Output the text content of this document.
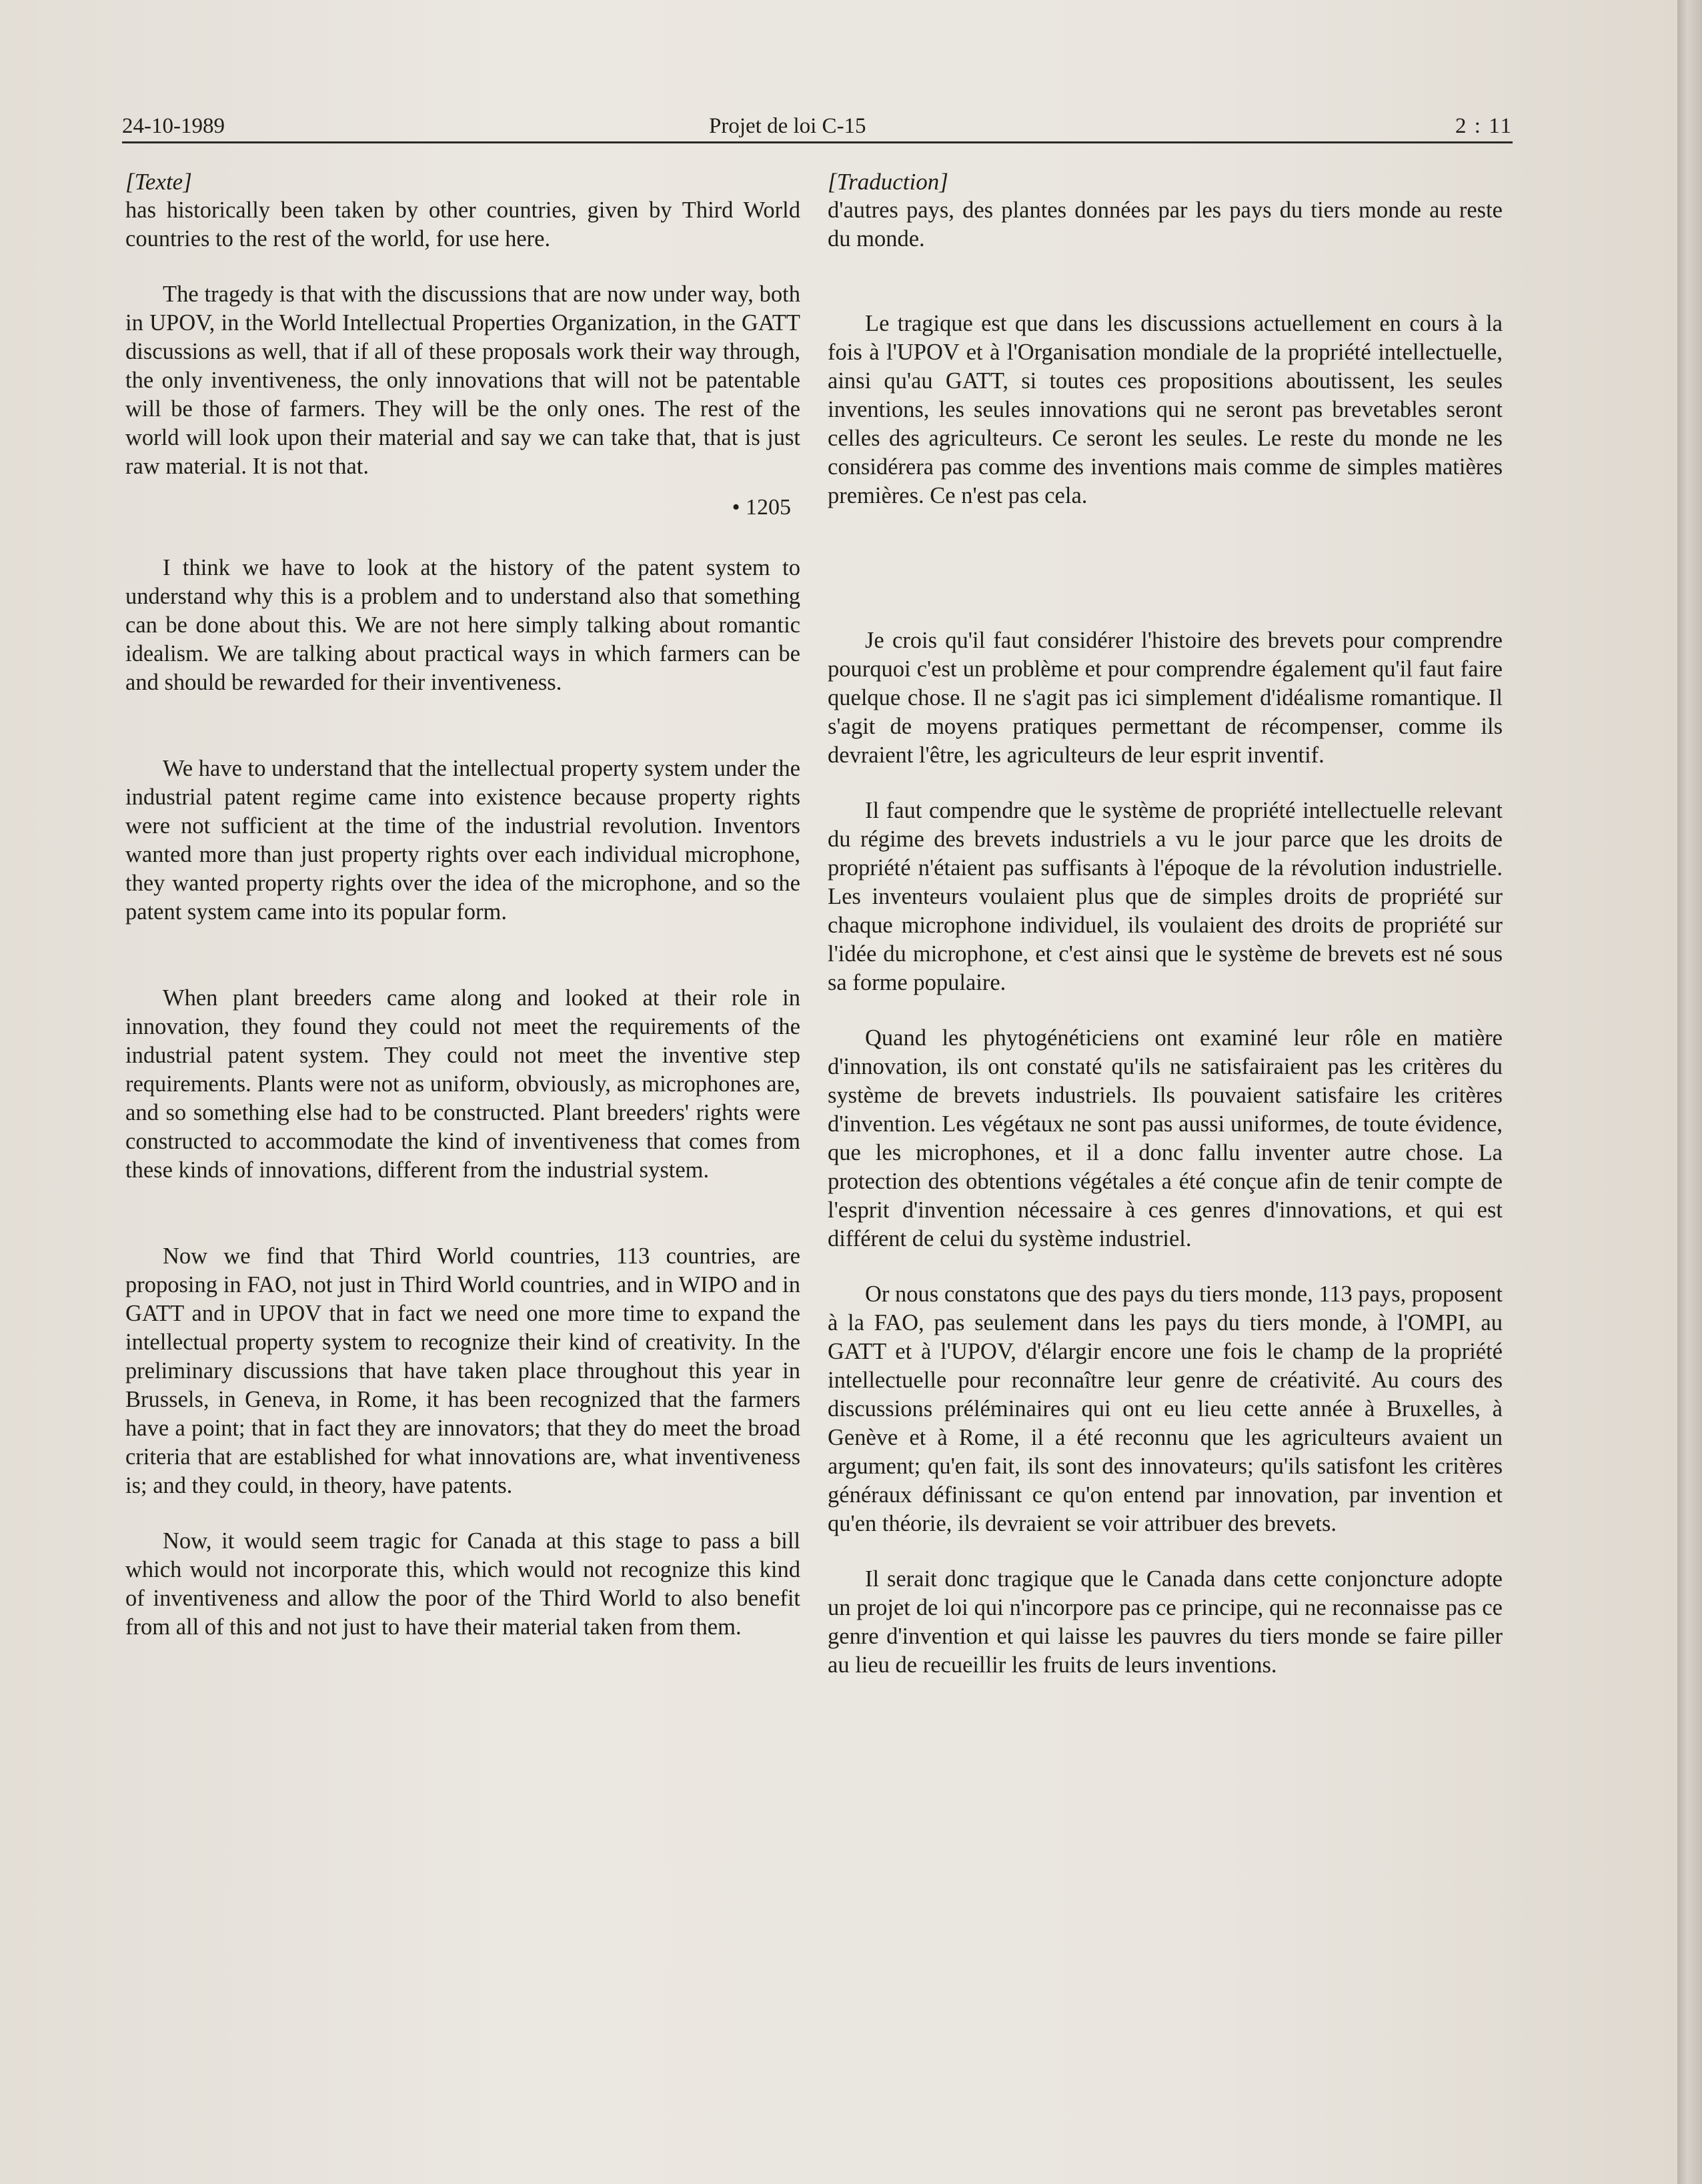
24-10-1989	Projet de loi C-15	2 : 11
[Texte]

has historically been taken by other countries, given by Third World countries to the rest of the world, for use here.

The tragedy is that with the discussions that are now under way, both in UPOV, in the World Intellectual Properties Organization, in the GATT discussions as well, that if all of these proposals work their way through, the only inventiveness, the only innovations that will not be patentable will be those of farmers. They will be the only ones. The rest of the world will look upon their material and say we can take that, that is just raw material. It is not that.

• 1205

I think we have to look at the history of the patent system to understand why this is a problem and to understand also that something can be done about this. We are not here simply talking about romantic idealism. We are talking about practical ways in which farmers can be and should be rewarded for their inventiveness.

We have to understand that the intellectual property system under the industrial patent regime came into existence because property rights were not sufficient at the time of the industrial revolution. Inventors wanted more than just property rights over each individual microphone, they wanted property rights over the idea of the microphone, and so the patent system came into its popular form.

When plant breeders came along and looked at their role in innovation, they found they could not meet the requirements of the industrial patent system. They could not meet the inventive step requirements. Plants were not as uniform, obviously, as microphones are, and so something else had to be constructed. Plant breeders' rights were constructed to accommodate the kind of inventiveness that comes from these kinds of innovations, different from the industrial system.

Now we find that Third World countries, 113 countries, are proposing in FAO, not just in Third World countries, and in WIPO and in GATT and in UPOV that in fact we need one more time to expand the intellectual property system to recognize their kind of creativity. In the preliminary discussions that have taken place throughout this year in Brussels, in Geneva, in Rome, it has been recognized that the farmers have a point; that in fact they are innovators; that they do meet the broad criteria that are established for what innovations are, what inventiveness is; and they could, in theory, have patents.

Now, it would seem tragic for Canada at this stage to pass a bill which would not incorporate this, which would not recognize this kind of inventiveness and allow the poor of the Third World to also benefit from all of this and not just to have their material taken from them.

[Traduction]

d'autres pays, des plantes données par les pays du tiers monde au reste du monde.

Le tragique est que dans les discussions actuellement en cours à la fois à l'UPOV et à l'Organisation mondiale de la propriété intellectuelle, ainsi qu'au GATT, si toutes ces propositions aboutissent, les seules inventions, les seules innovations qui ne seront pas brevetables seront celles des agriculteurs. Ce seront les seules. Le reste du monde ne les considérera pas comme des inventions mais comme de simples matières premières. Ce n'est pas cela.

Je crois qu'il faut considérer l'histoire des brevets pour comprendre pourquoi c'est un problème et pour comprendre également qu'il faut faire quelque chose. Il ne s'agit pas ici simplement d'idéalisme romantique. Il s'agit de moyens pratiques permettant de récompenser, comme ils devraient l'être, les agriculteurs de leur esprit inventif.

Il faut compendre que le système de propriété intellectuelle relevant du régime des brevets industriels a vu le jour parce que les droits de propriété n'étaient pas suffisants à l'époque de la révolution industrielle. Les inventeurs voulaient plus que de simples droits de propriété sur chaque microphone individuel, ils voulaient des droits de propriété sur l'idée du microphone, et c'est ainsi que le système de brevets est né sous sa forme populaire.

Quand les phytogénéticiens ont examiné leur rôle en matière d'innovation, ils ont constaté qu'ils ne satisfairaient pas les critères du système de brevets industriels. Ils pouvaient satisfaire les critères d'invention. Les végétaux ne sont pas aussi uniformes, de toute évidence, que les microphones, et il a donc fallu inventer autre chose. La protection des obtentions végétales a été conçue afin de tenir compte de l'esprit d'invention nécessaire à ces genres d'innovations, et qui est différent de celui du système industriel.

Or nous constatons que des pays du tiers monde, 113 pays, proposent à la FAO, pas seulement dans les pays du tiers monde, à l'OMPI, au GATT et à l'UPOV, d'élargir encore une fois le champ de la propriété intellectuelle pour reconnaître leur genre de créativité. Au cours des discussions préléminaires qui ont eu lieu cette année à Bruxelles, à Genève et à Rome, il a été reconnu que les agriculteurs avaient un argument; qu'en fait, ils sont des innovateurs; qu'ils satisfont les critères généraux définissant ce qu'on entend par innovation, par invention et qu'en théorie, ils devraient se voir attribuer des brevets.

Il serait donc tragique que le Canada dans cette conjoncture adopte un projet de loi qui n'incorpore pas ce principe, qui ne reconnaisse pas ce genre d'invention et qui laisse les pauvres du tiers monde se faire piller au lieu de recueillir les fruits de leurs inventions.
